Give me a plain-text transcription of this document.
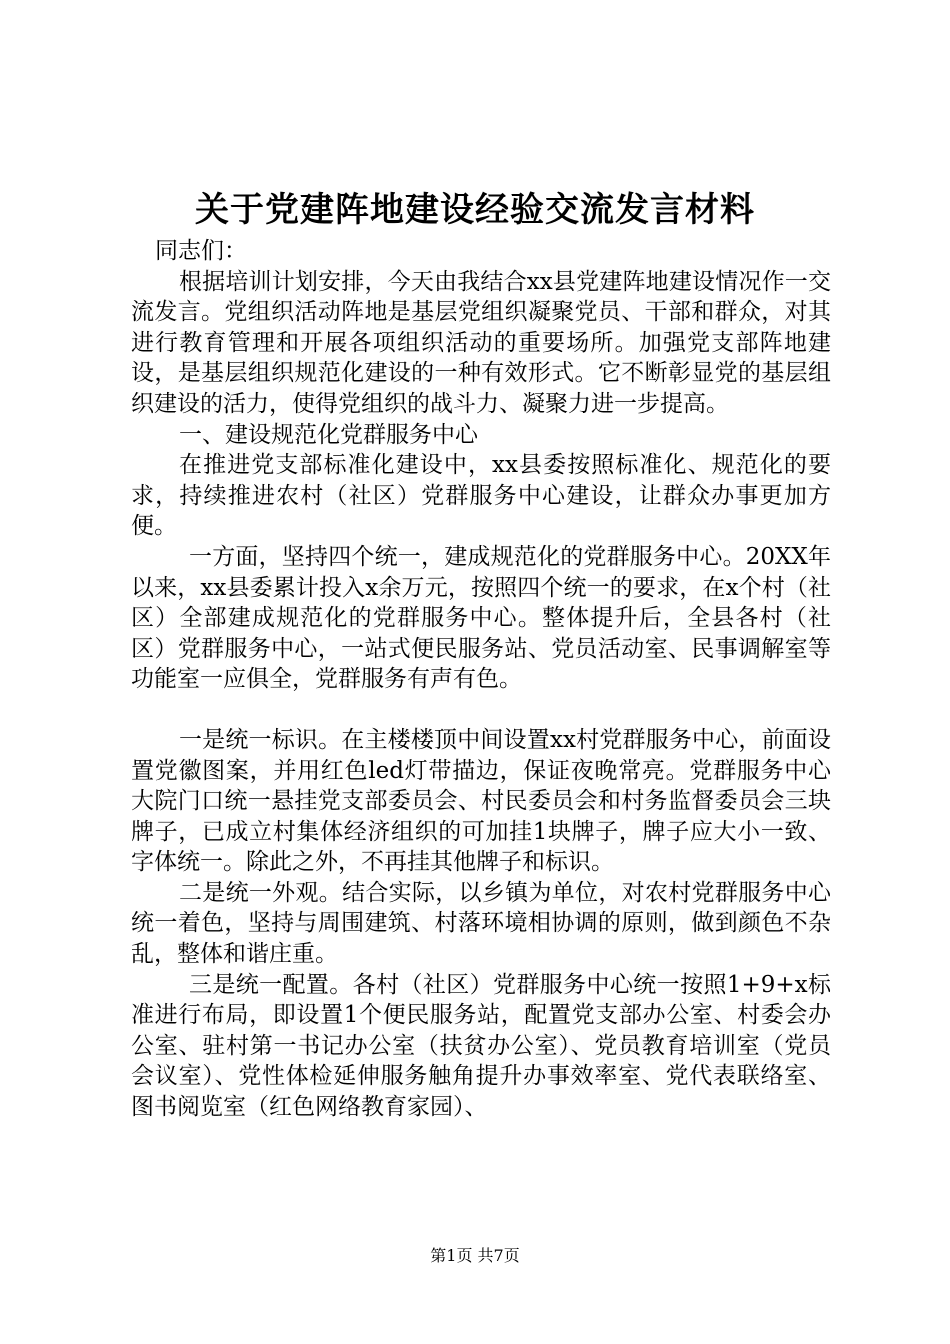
关于党建阵地建设经验交流发言材料

同志们：

根据培训计划安排，今天由我结合xx县党建阵地建设情况作一交流发言。党组织活动阵地是基层党组织凝聚党员、干部和群众，对其进行教育管理和开展各项组织活动的重要场所。加强党支部阵地建设，是基层组织规范化建设的一种有效形式。它不断彰显党的基层组织建设的活力，使得党组织的战斗力、凝聚力进一步提高。

一、建设规范化党群服务中心

在推进党支部标准化建设中，xx县委按照标准化、规范化的要求，持续推进农村（社区）党群服务中心建设，让群众办事更加方便。

一方面，坚持四个统一，建成规范化的党群服务中心。20XX年以来，xx县委累计投入x余万元，按照四个统一的要求，在x个村（社区）全部建成规范化的党群服务中心。整体提升后，全县各村（社区）党群服务中心，一站式便民服务站、党员活动室、民事调解室等功能室一应俱全，党群服务有声有色。

一是统一标识。在主楼楼顶中间设置xx村党群服务中心，前面设置党徽图案，并用红色led灯带描边，保证夜晚常亮。党群服务中心大院门口统一悬挂党支部委员会、村民委员会和村务监督委员会三块牌子，已成立村集体经济组织的可加挂1块牌子，牌子应大小一致、字体统一。除此之外，不再挂其他牌子和标识。

二是统一外观。结合实际，以乡镇为单位，对农村党群服务中心统一着色，坚持与周围建筑、村落环境相协调的原则，做到颜色不杂乱，整体和谐庄重。

三是统一配置。各村（社区）党群服务中心统一按照1+9+x标准进行布局，即设置1个便民服务站，配置党支部办公室、村委会办公室、驻村第一书记办公室（扶贫办公室）、党员教育培训室（党员会议室）、党性体检延伸服务触角提升办事效率室、党代表联络室、图书阅览室（红色网络教育家园）、

第1页 共7页
